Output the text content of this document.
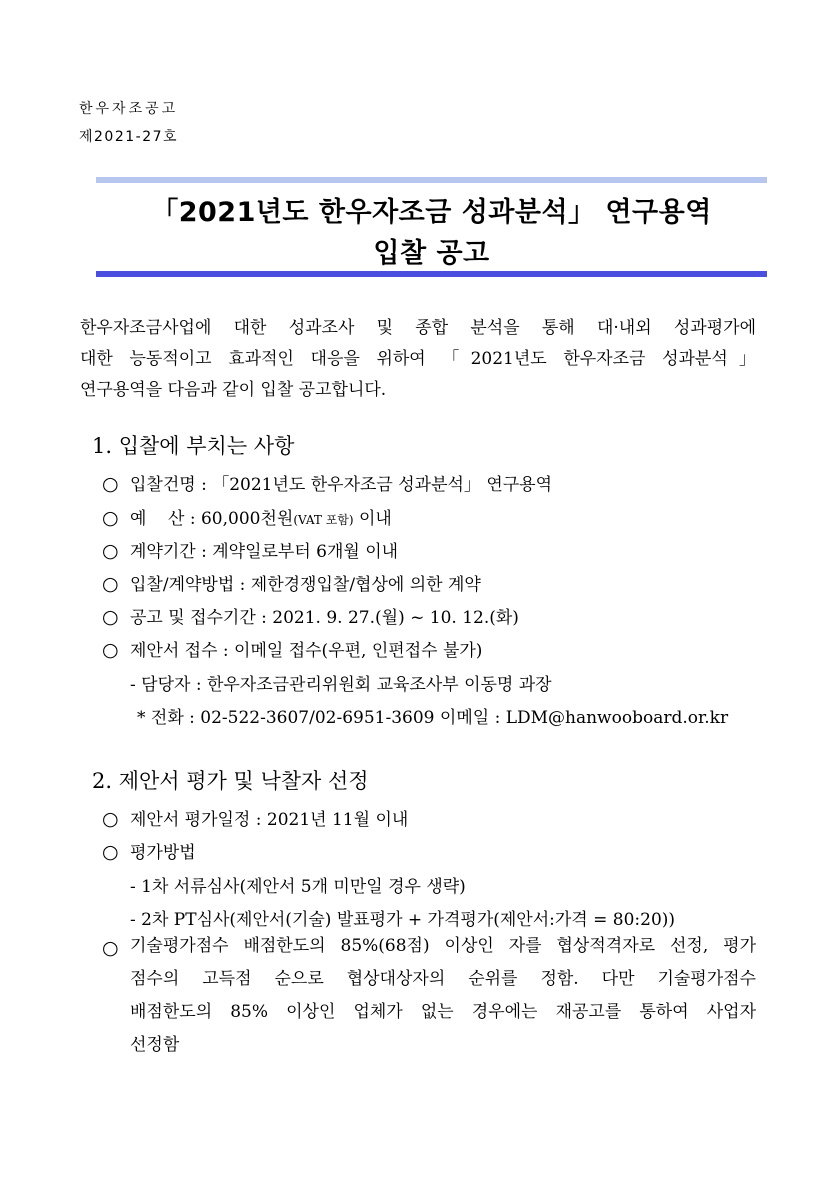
한우자조공고
제2021-27호
「2021년도 한우자조금 성과분석」 연구용역
입찰 공고
한우자조금사업에 대한 성과조사 및 종합 분석을 통해 대·내외 성과평가에
대한 능동적이고 효과적인 대응을 위하여 「2021년도 한우자조금 성과분석」
연구용역을 다음과 같이 입찰 공고합니다.
1. 입찰에 부치는 사항
○ 입찰건명 : 「2021년도 한우자조금 성과분석」 연구용역
○ 예    산 : 60,000천원(VAT 포함) 이내
○ 계약기간 : 계약일로부터 6개월 이내
○ 입찰/계약방법 : 제한경쟁입찰/협상에 의한 계약
○ 공고 및 접수기간 : 2021. 9. 27.(월) ~ 10. 12.(화)
○ 제안서 접수 : 이메일 접수(우편, 인편접수 불가)
- 담당자 : 한우자조금관리위원회 교육조사부 이동명 과장
* 전화 : 02-522-3607/02-6951-3609 이메일 : LDM@hanwooboard.or.kr
2. 제안서 평가 및 낙찰자 선정
○ 제안서 평가일정 : 2021년 11월 이내
○ 평가방법
- 1차 서류심사(제안서 5개 미만일 경우 생략)
- 2차 PT심사(제안서(기술) 발표평가 + 가격평가(제안서:가격 = 80:20))
○ 기술평가점수 배점한도의 85%(68점) 이상인 자를 협상적격자로 선정, 평가
점수의 고득점 순으로 협상대상자의 순위를 정함. 다만 기술평가점수
배점한도의 85% 이상인 업체가 없는 경우에는 재공고를 통하여 사업자
선정함
